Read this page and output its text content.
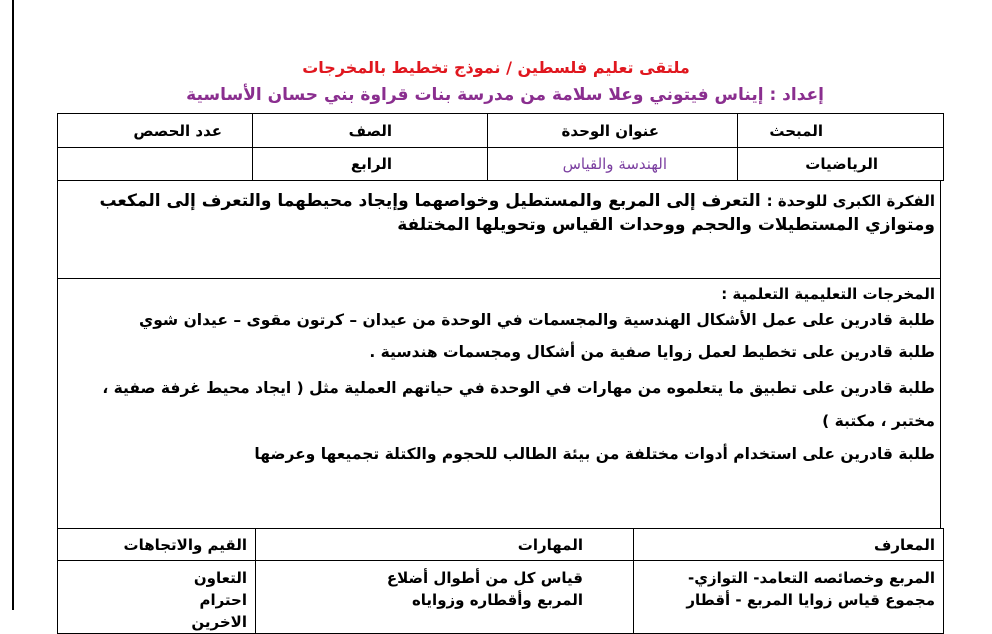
ملتقى تعليم فلسطين / نموذج تخطيط بالمخرجات
إعداد : إيناس فيتوني وعلا سلامة من مدرسة بنات قراوة بني حسان الأساسية
المبحث	عنوان الوحدة	الصف	عدد الحصص
الرياضيات	الهندسة والقياس	الرابع	
الفكرة الكبرى للوحدة : التعرف إلى المربع والمستطيل وخواصهما وإيجاد محيطهما والتعرف إلى المكعب ومتوازي المستطيلات والحجم ووحدات القياس وتحويلها المختلفة
المخرجات التعليمية التعلمية :
طلبة قادرين على عمل الأشكال الهندسية والمجسمات في الوحدة من عيدان – كرتون مقوى – عيدان شوي
طلبة قادرين على تخطيط لعمل زوايا صفية من أشكال ومجسمات هندسية .
طلبة قادرين على تطبيق ما يتعلموه من مهارات في الوحدة في حياتهم العملية مثل ( ايجاد محيط غرفة صفية ،
مختبر ، مكتبة )
طلبة قادرين على استخدام أدوات مختلفة من بيئة الطالب للحجوم والكتلة تجميعها وعرضها
المعارف	المهارات	القيم والاتجاهات
المربع وخصائصه التعامد- التوازي- مجموع قياس زوايا المربع - أقطار	قياس كل من أطوال أضلاع المربع وأقطاره وزواياه	التعاون احترام الاخرين
